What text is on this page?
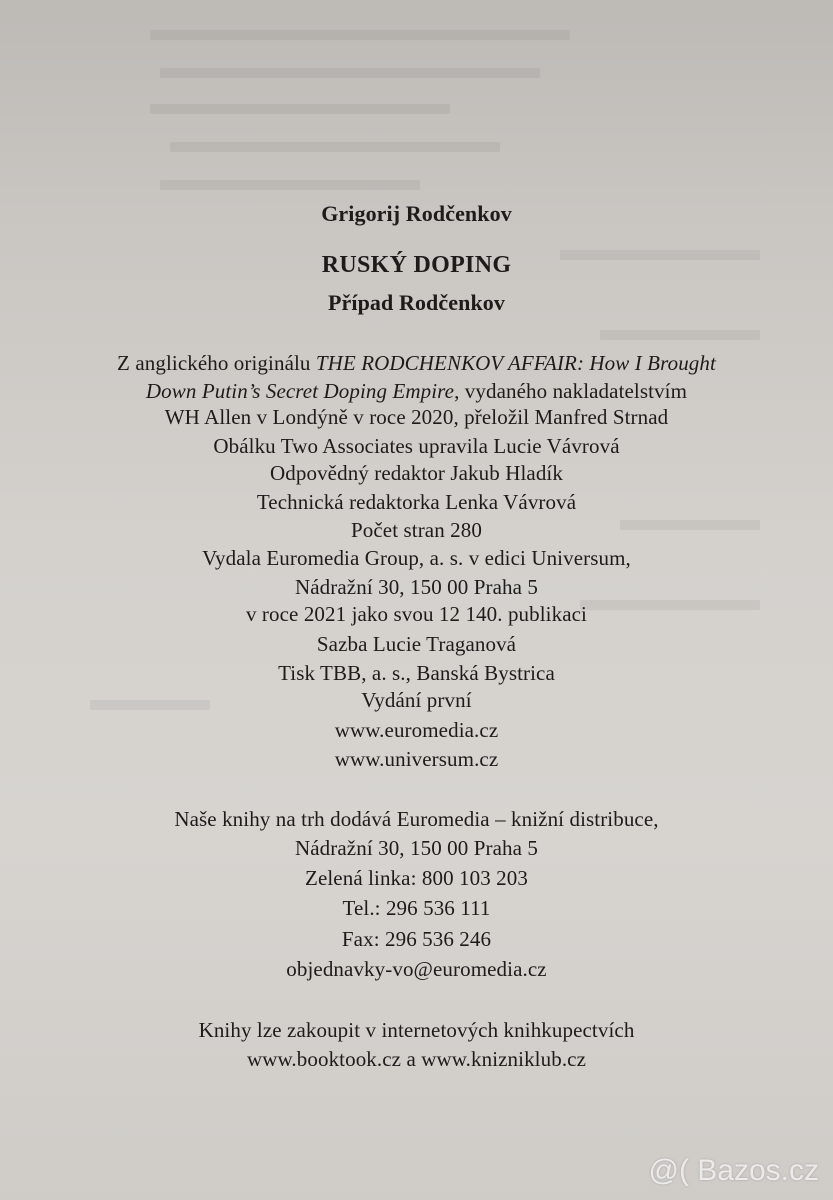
Grigorij Rodčenkov
RUSKÝ DOPING
Případ Rodčenkov
Z anglického originálu THE RODCHENKOV AFFAIR: How I Brought
Down Putin’s Secret Doping Empire, vydaného nakladatelstvím
WH Allen v Londýně v roce 2020, přeložil Manfred Strnad
Obálku Two Associates upravila Lucie Vávrová
Odpovědný redaktor Jakub Hladík
Technická redaktorka Lenka Vávrová
Počet stran 280
Vydala Euromedia Group, a. s. v edici Universum,
Nádražní 30, 150 00 Praha 5
v roce 2021 jako svou 12 140. publikaci
Sazba Lucie Traganová
Tisk TBB, a. s., Banská Bystrica
Vydání první
www.euromedia.cz
www.universum.cz
Naše knihy na trh dodává Euromedia – knižní distribuce,
Nádražní 30, 150 00 Praha 5
Zelená linka: 800 103 203
Tel.: 296 536 111
Fax: 296 536 246
objednavky-vo@euromedia.cz
Knihy lze zakoupit v internetových knihkupectvích
www.booktook.cz a www.knizniklub.cz
@( Bazos.cz
